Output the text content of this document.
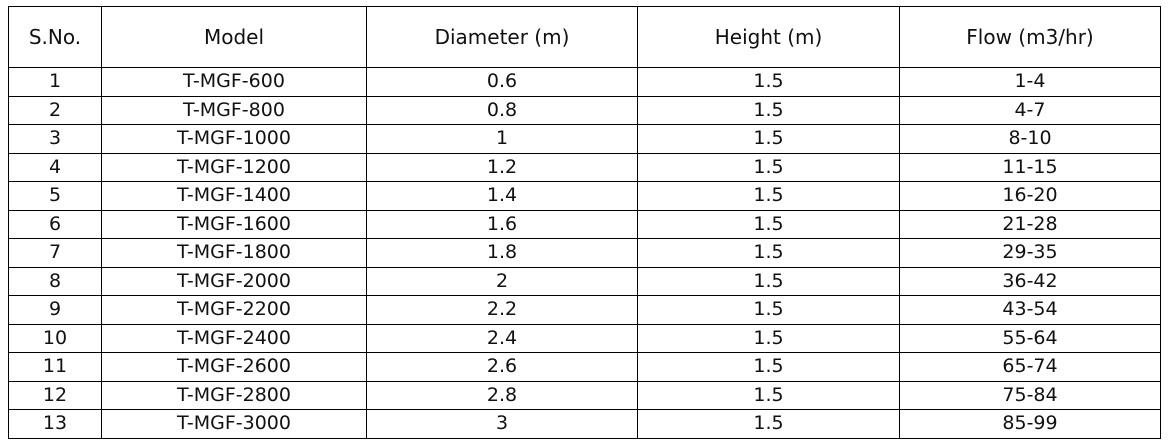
S.No.	Model	Diameter (m)	Height (m)	Flow (m3/hr)
1	T-MGF-600	0.6	1.5	1-4
2	T-MGF-800	0.8	1.5	4-7
3	T-MGF-1000	1	1.5	8-10
4	T-MGF-1200	1.2	1.5	11-15
5	T-MGF-1400	1.4	1.5	16-20
6	T-MGF-1600	1.6	1.5	21-28
7	T-MGF-1800	1.8	1.5	29-35
8	T-MGF-2000	2	1.5	36-42
9	T-MGF-2200	2.2	1.5	43-54
10	T-MGF-2400	2.4	1.5	55-64
11	T-MGF-2600	2.6	1.5	65-74
12	T-MGF-2800	2.8	1.5	75-84
13	T-MGF-3000	3	1.5	85-99
